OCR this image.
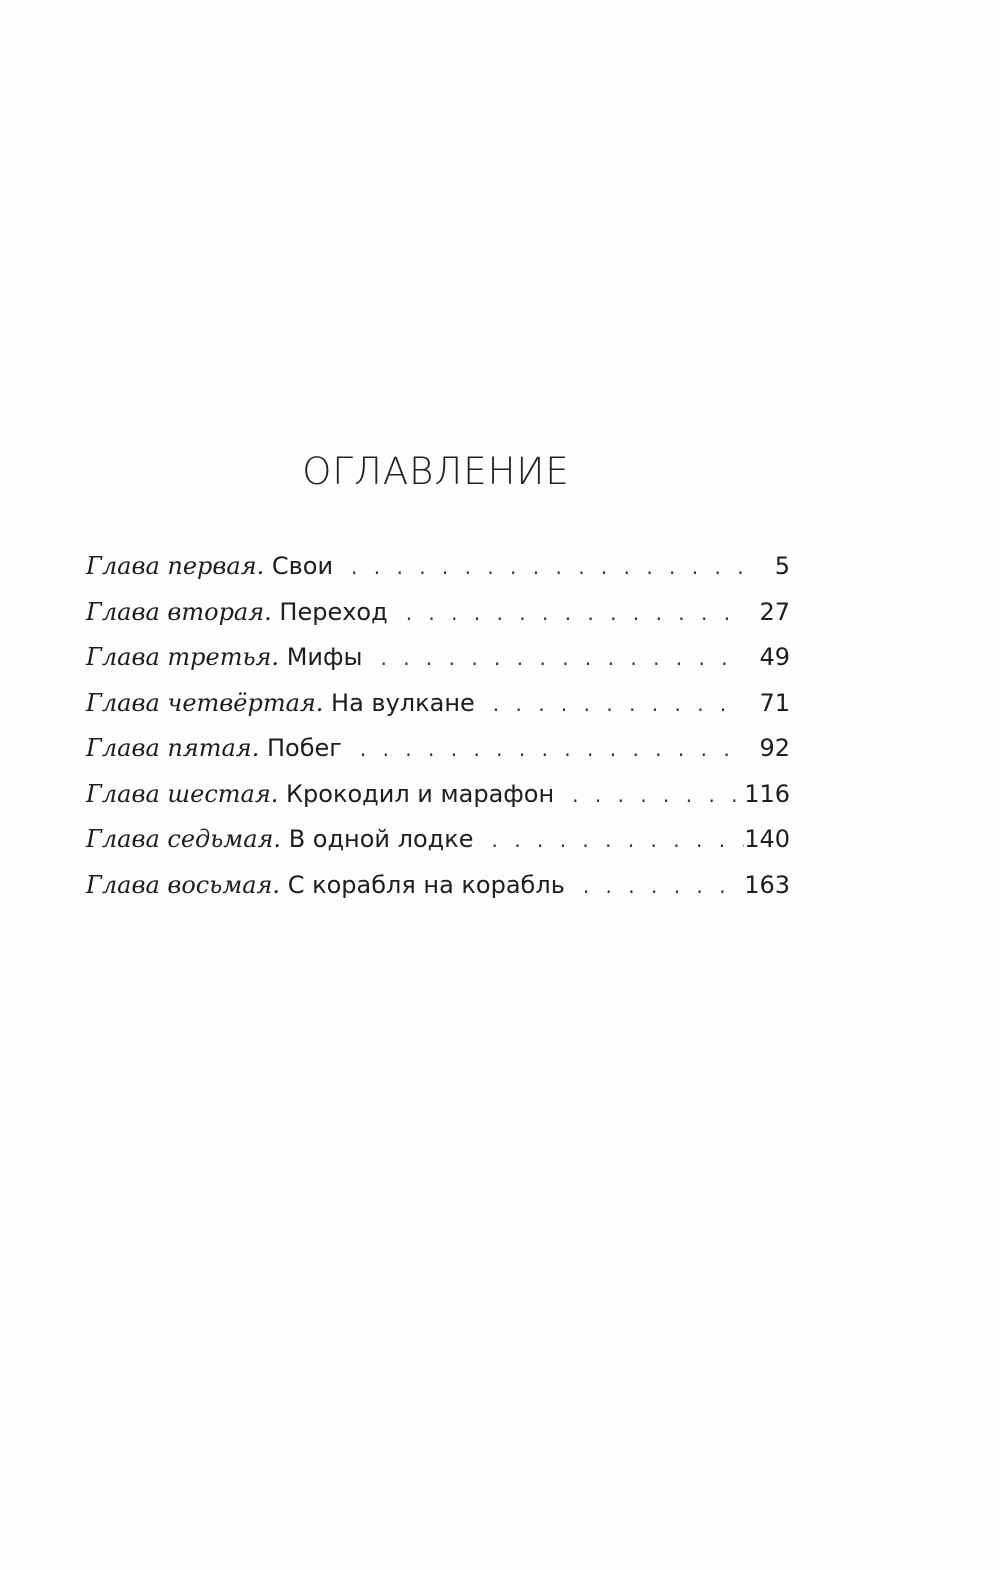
ОГЛАВЛЕНИЕ
Глава первая. Свои . . .	5
Глава вторая. Переход . . .	27
Глава третья. Мифы . . .	49
Глава четвёртая. На вулкане . . .	71
Глава пятая. Побег . . .	92
Глава шестая. Крокодил и марафон . . .	116
Глава седьмая. В одной лодке . . .	140
Глава восьмая. С корабля на корабль . . .	163
